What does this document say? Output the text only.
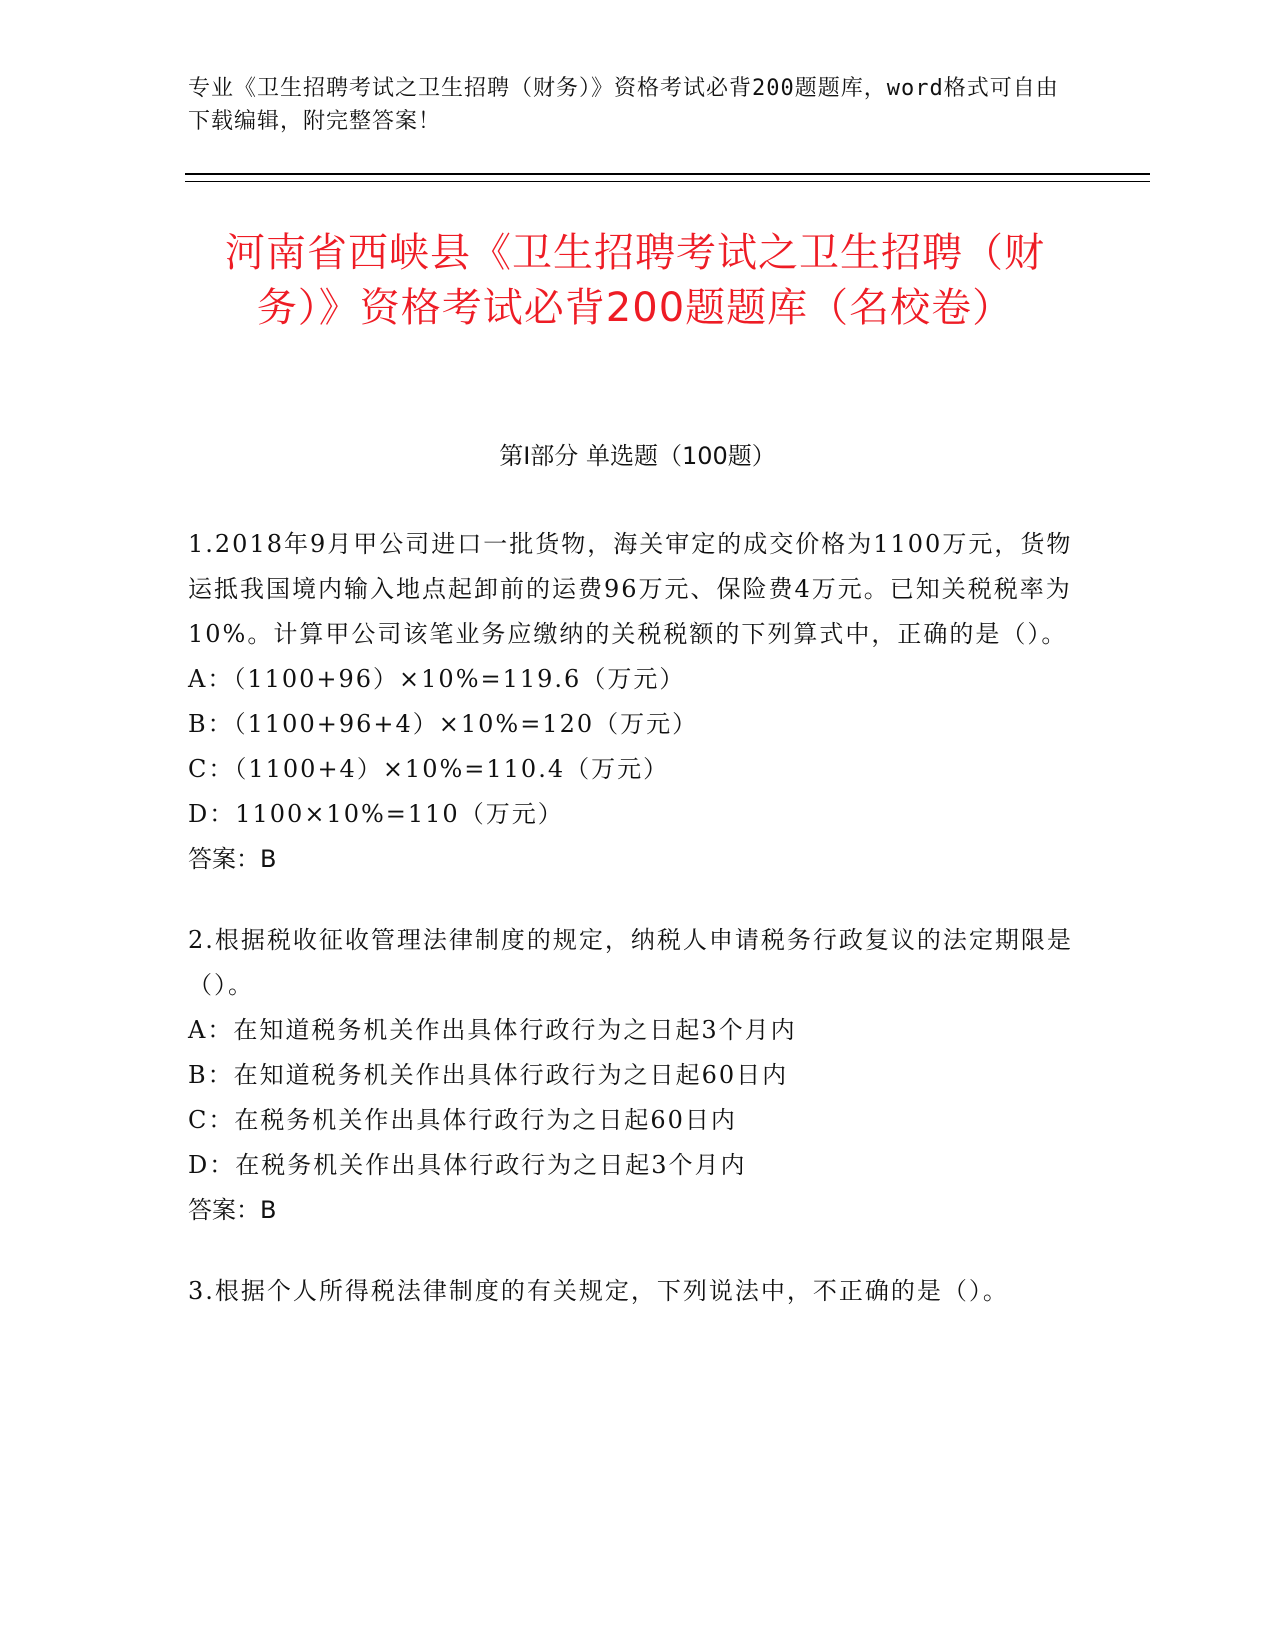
专业《卫生招聘考试之卫生招聘（财务）》资格考试必背200题题库，word格式可自由下载编辑，附完整答案！
河南省西峡县《卫生招聘考试之卫生招聘（财务）》资格考试必背200题题库（名校卷）
第Ⅰ部分 单选题（100题）
1.2018年9月甲公司进口一批货物，海关审定的成交价格为1100万元，货物运抵我国境内输入地点起卸前的运费96万元、保险费4万元。已知关税税率为10%。计算甲公司该笔业务应缴纳的关税税额的下列算式中，正确的是（）。
A：（1100+96）×10%=119.6（万元）
B：（1100+96+4）×10%=120（万元）
C：（1100+4）×10%=110.4（万元）
D：1100×10%=110（万元）
答案：B
2.根据税收征收管理法律制度的规定，纳税人申请税务行政复议的法定期限是（）。
A：在知道税务机关作出具体行政行为之日起3个月内
B：在知道税务机关作出具体行政行为之日起60日内
C：在税务机关作出具体行政行为之日起60日内
D：在税务机关作出具体行政行为之日起3个月内
答案：B
3.根据个人所得税法律制度的有关规定，下列说法中，不正确的是（）。
